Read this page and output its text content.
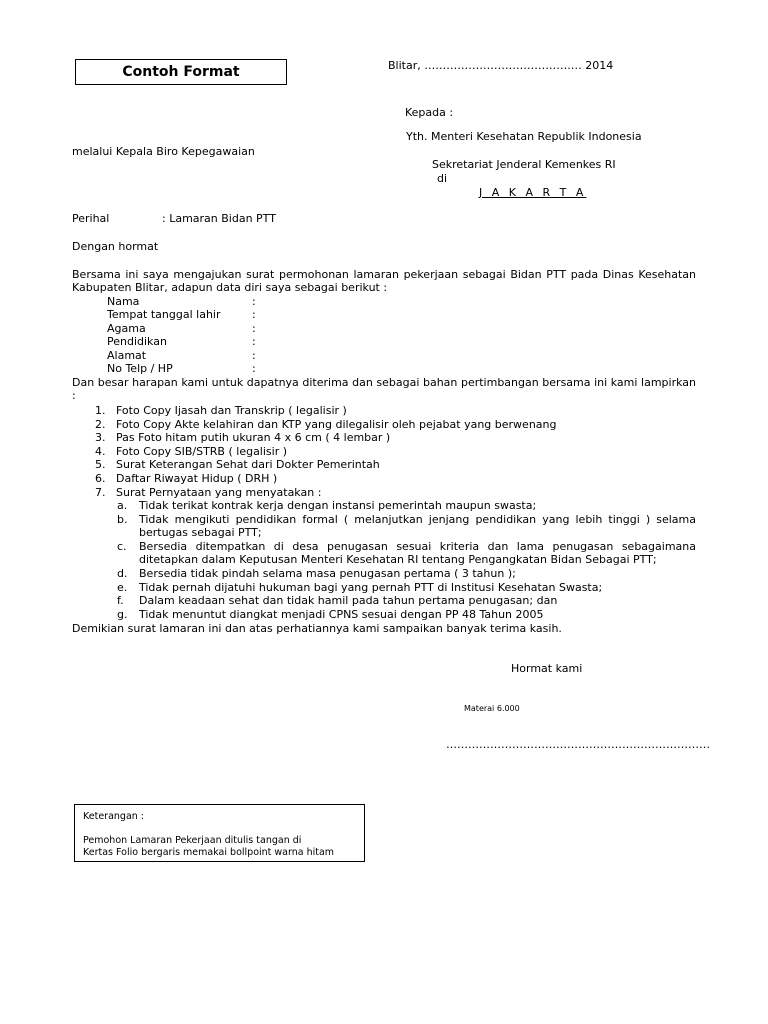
Contoh Format	Blitar, ………………………………….… 2014
Kepada :
Yth. Menteri Kesehatan Republik Indonesia
melalui Kepala Biro Kepegawaian
Sekretariat Jenderal Kemenkes RI
di
J A K A R T A
Perihal	: Lamaran Bidan PTT
Dengan hormat
Bersama ini saya mengajukan surat permohonan lamaran pekerjaan sebagai Bidan PTT pada Dinas Kesehatan
Kabupaten Blitar, adapun data diri saya sebagai berikut :
Nama	:
Tempat tanggal lahir	:
Agama	:
Pendidikan	:
Alamat	:
No Telp / HP	:
Dan besar harapan kami untuk dapatnya diterima dan sebagai bahan pertimbangan bersama ini kami lampirkan
:
1. Foto Copy Ijasah dan Transkrip ( legalisir )
2. Foto Copy Akte kelahiran dan KTP yang dilegalisir oleh pejabat yang berwenang
3. Pas Foto hitam putih ukuran 4 x 6 cm ( 4 lembar )
4. Foto Copy SIB/STRB ( legalisir )
5. Surat Keterangan Sehat dari Dokter Pemerintah
6. Daftar Riwayat Hidup ( DRH )
7. Surat Pernyataan yang menyatakan :
a. Tidak terikat kontrak kerja dengan instansi pemerintah maupun swasta;
b. Tidak mengikuti pendidikan formal ( melanjutkan jenjang pendidikan yang lebih tinggi ) selama
bertugas sebagai PTT;
c. Bersedia ditempatkan di desa penugasan sesuai kriteria dan lama penugasan sebagaimana
ditetapkan dalam Keputusan Menteri Kesehatan RI tentang Pengangkatan Bidan Sebagai PTT;
d. Bersedia tidak pindah selama masa penugasan pertama ( 3 tahun );
e. Tidak pernah dijatuhi hukuman bagi yang pernah PTT di Institusi Kesehatan Swasta;
f. Dalam keadaan sehat dan tidak hamil pada tahun pertama penugasan; dan
g. Tidak menuntut diangkat menjadi CPNS sesuai dengan PP 48 Tahun 2005
Demikian surat lamaran ini dan atas perhatiannya kami sampaikan banyak terima kasih.
Hormat kami
Materai 6.000
………………………………………………………………
Keterangan :
Pemohon Lamaran Pekerjaan ditulis tangan di
Kertas Folio bergaris memakai bollpoint warna hitam
